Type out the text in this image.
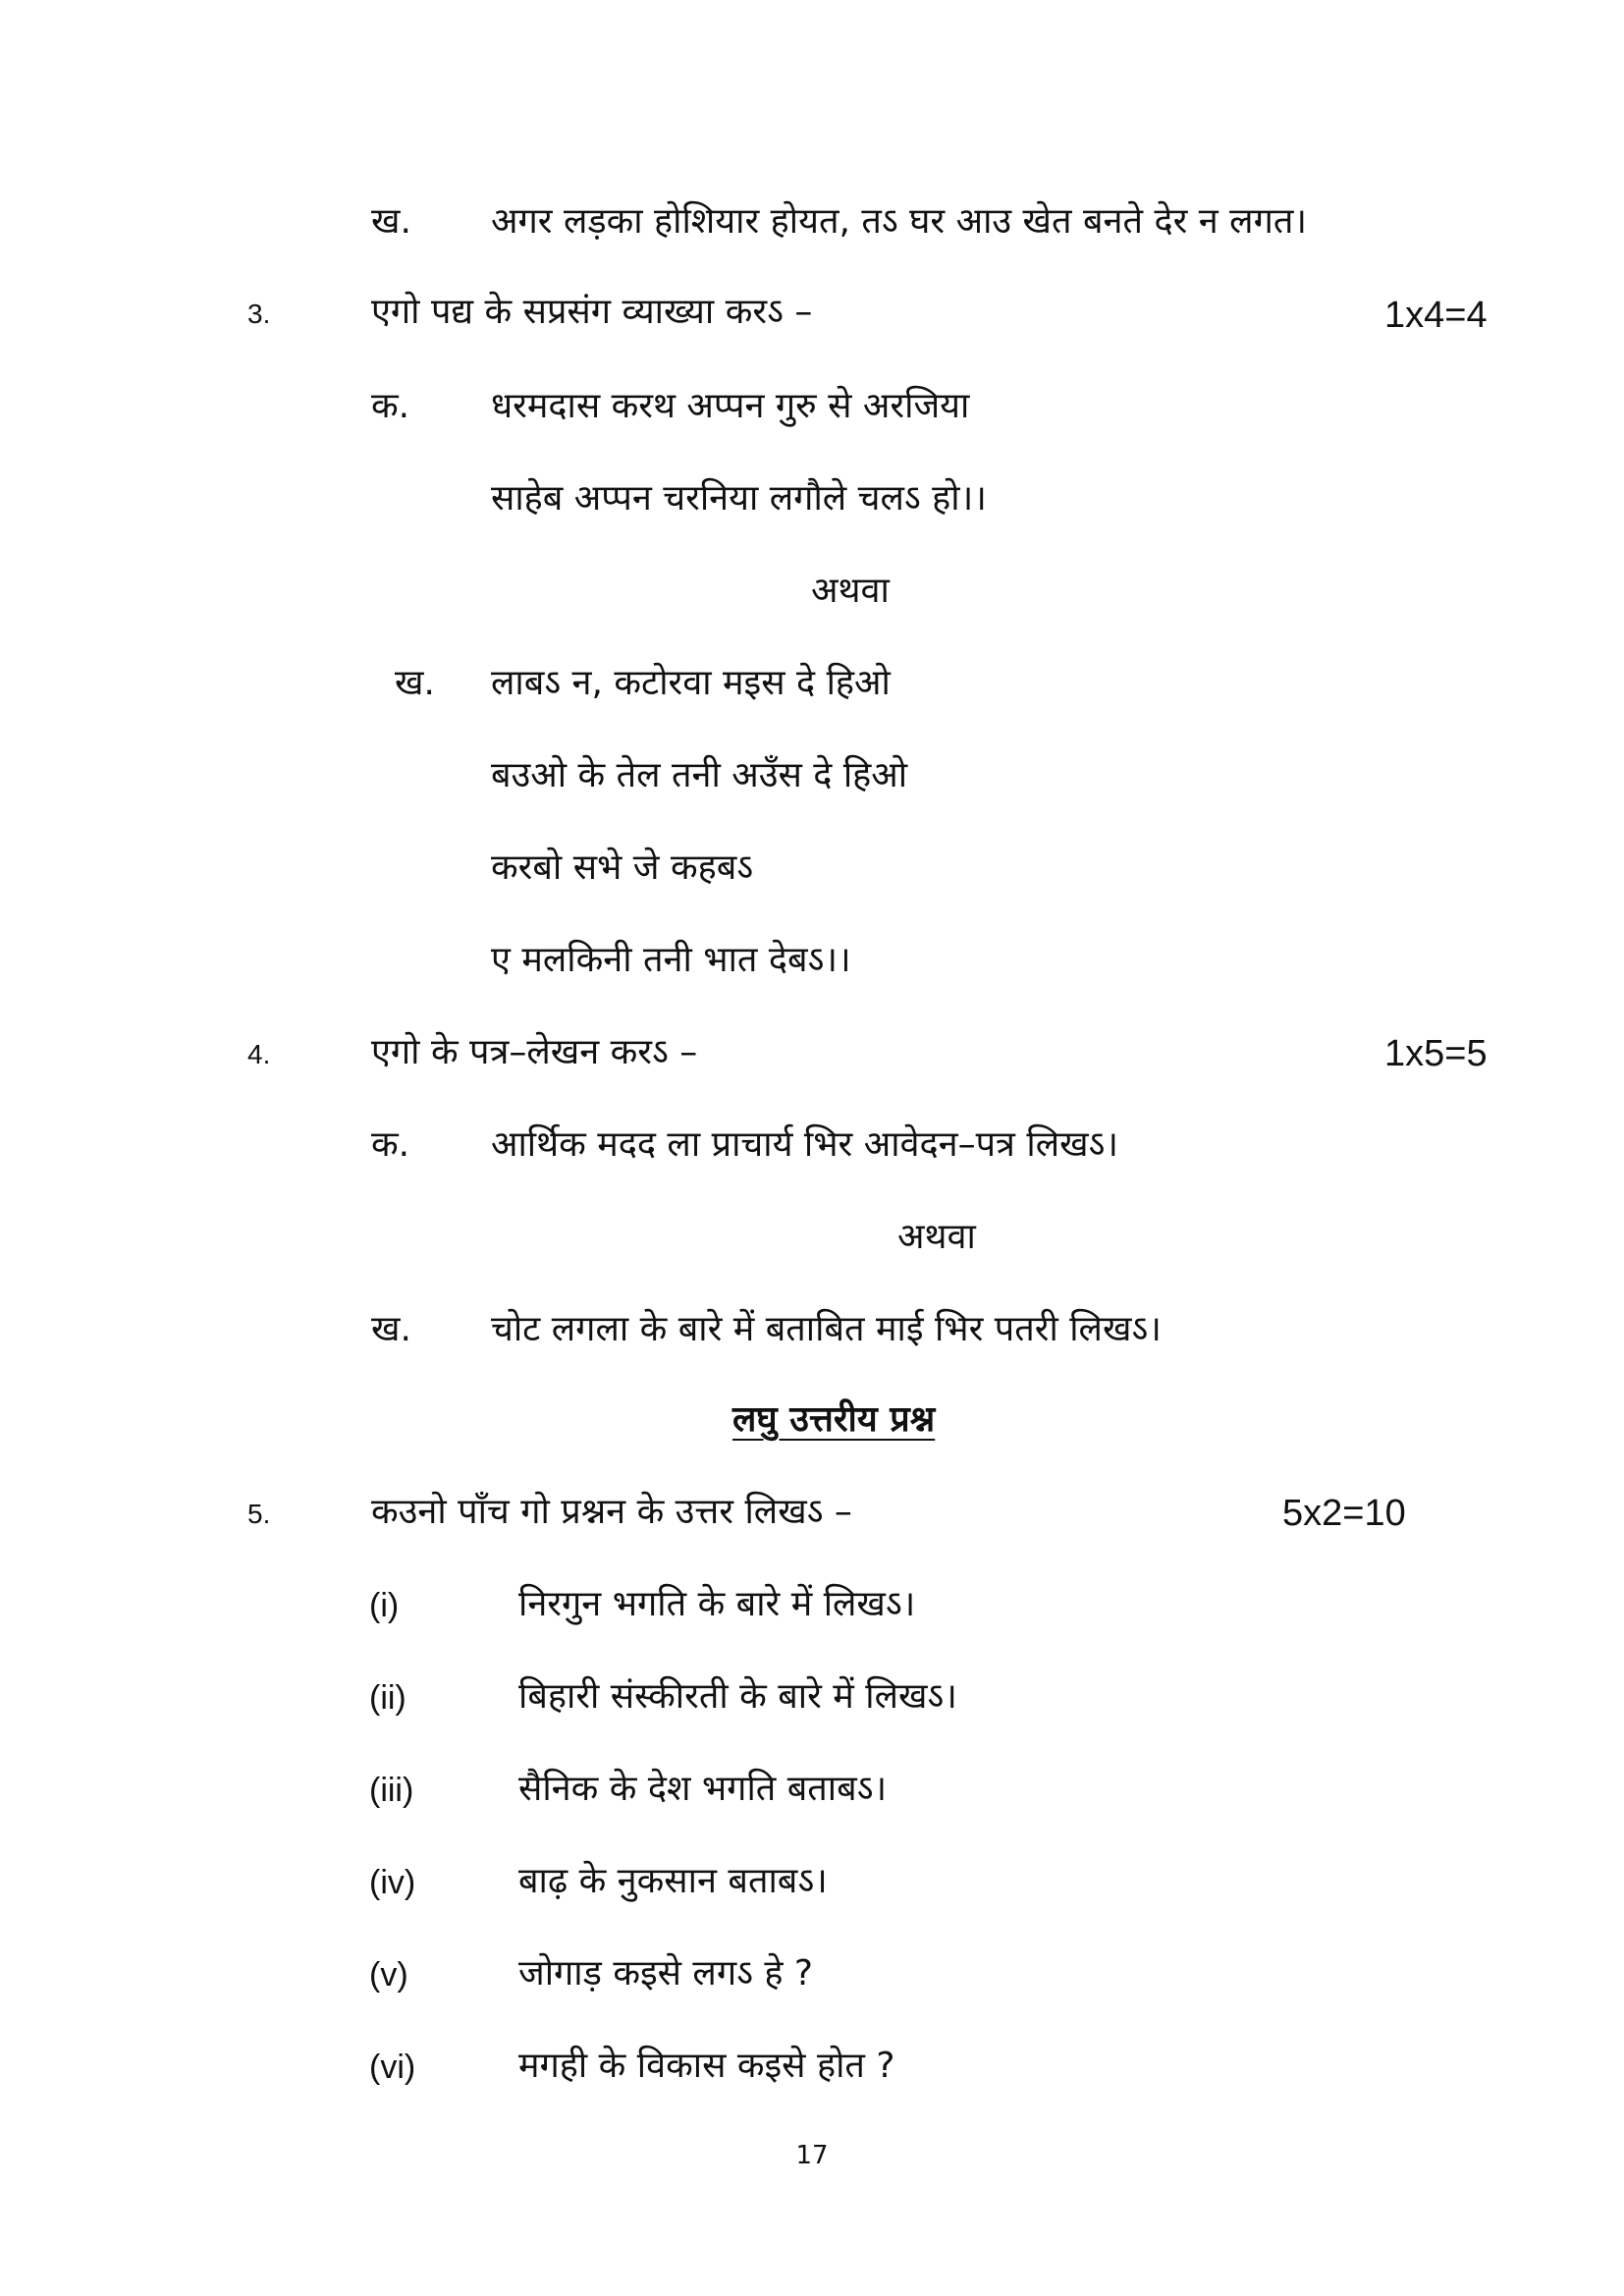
ख. अगर लड़का होशियार होयत, तऽ घर आउ खेत बनते देर न लगत।
3.	एगो पद्य के सप्रसंग व्याख्या करऽ –	1x4=4
क. धरमदास करथ अप्पन गुरु से अरजिया
साहेब अप्पन चरनिया लगौले चलऽ हो।।
अथवा
ख. लाबऽ न, कटोरवा मइस दे हिओ
बउओ के तेल तनी अउँस दे हिओ
करबो सभे जे कहबऽ
ए मलकिनी तनी भात देबऽ।।
4.	एगो के पत्र–लेखन करऽ –	1x5=5
क. आर्थिक मदद ला प्राचार्य भिर आवेदन–पत्र लिखऽ।
अथवा
ख. चोट लगला के बारे में बताबित माई भिर पतरी लिखऽ।
लघु उत्तरीय प्रश्न
5.	कउनो पाँच गो प्रश्नन के उत्तर लिखऽ –	5x2=10
(i)	निरगुन भगति के बारे में लिखऽ।
(ii)	बिहारी संस्कीरती के बारे में लिखऽ।
(iii)	सैनिक के देश भगति बताबऽ।
(iv)	बाढ़ के नुकसान बताबऽ।
(v)	जोगाड़ कइसे लगऽ हे ?
(vi)	मगही के विकास कइसे होत ?
17
